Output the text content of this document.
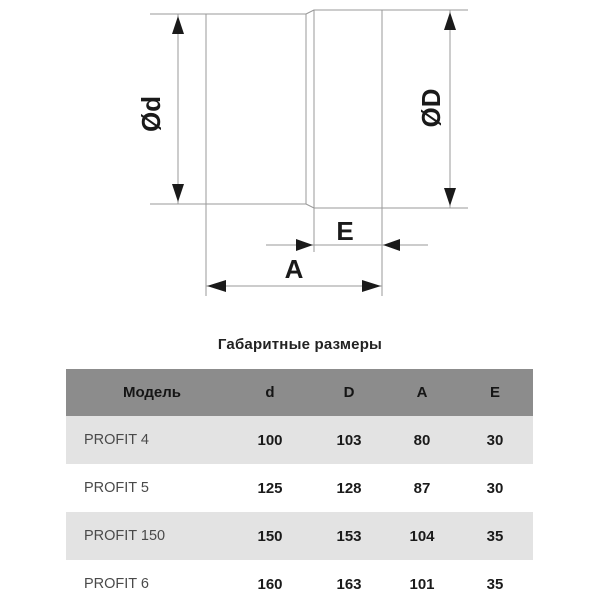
Ød	ØD
E
A
Габаритные размеры
Модель	d	D	A	E
PROFIT 4	100	103	80	30
PROFIT 5	125	128	87	30
PROFIT 150	150	153	104	35
PROFIT 6	160	163	101	35
